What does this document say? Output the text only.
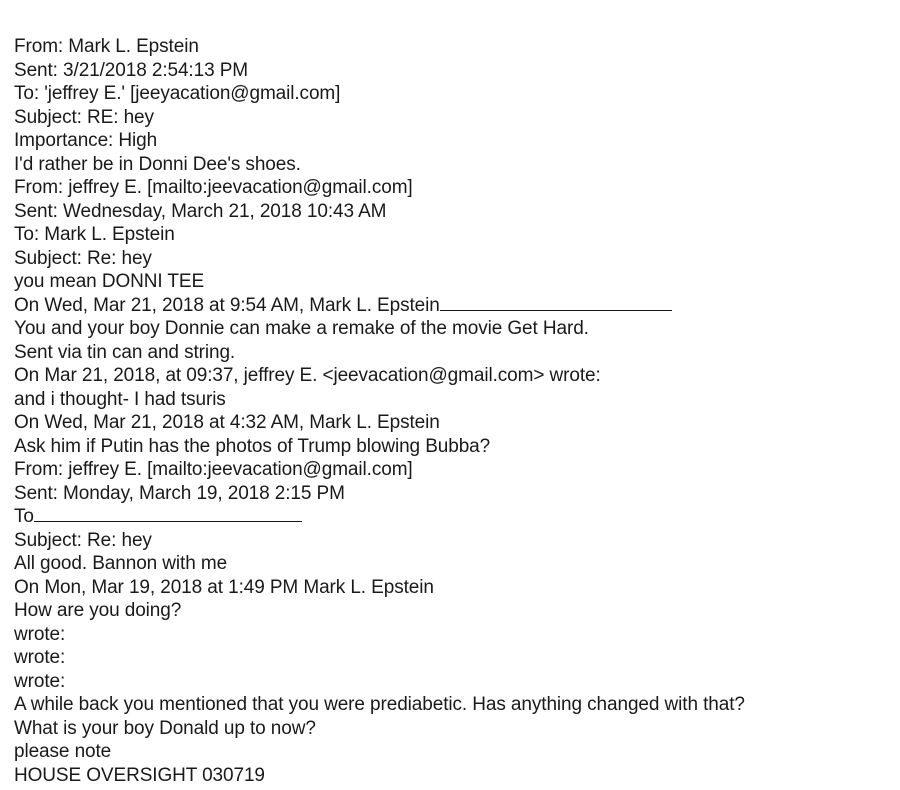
From: Mark L. Epstein
Sent: 3/21/2018 2:54:13 PM
To: 'jeffrey E.' [jeeyacation@gmail.com]
Subject: RE: hey
Importance: High
I'd rather be in Donni Dee's shoes.
From: jeffrey E. [mailto:jeevacation@gmail.com]
Sent: Wednesday, March 21, 2018 10:43 AM
To: Mark L. Epstein
Subject: Re: hey
you mean DONNI TEE
On Wed, Mar 21, 2018 at 9:54 AM, Mark L. Epstein
You and your boy Donnie can make a remake of the movie Get Hard.
Sent via tin can and string.
On Mar 21, 2018, at 09:37, jeffrey E. <jeevacation@gmail.com> wrote:
and i thought- I had tsuris
On Wed, Mar 21, 2018 at 4:32 AM, Mark L. Epstein
Ask him if Putin has the photos of Trump blowing Bubba?
From: jeffrey E. [mailto:jeevacation@gmail.com]
Sent: Monday, March 19, 2018 2:15 PM
To
Subject: Re: hey
All good. Bannon with me
On Mon, Mar 19, 2018 at 1:49 PM Mark L. Epstein
How are you doing?
wrote:
wrote:
wrote:
A while back you mentioned that you were prediabetic. Has anything changed with that?
What is your boy Donald up to now?
please note
HOUSE OVERSIGHT 030719
